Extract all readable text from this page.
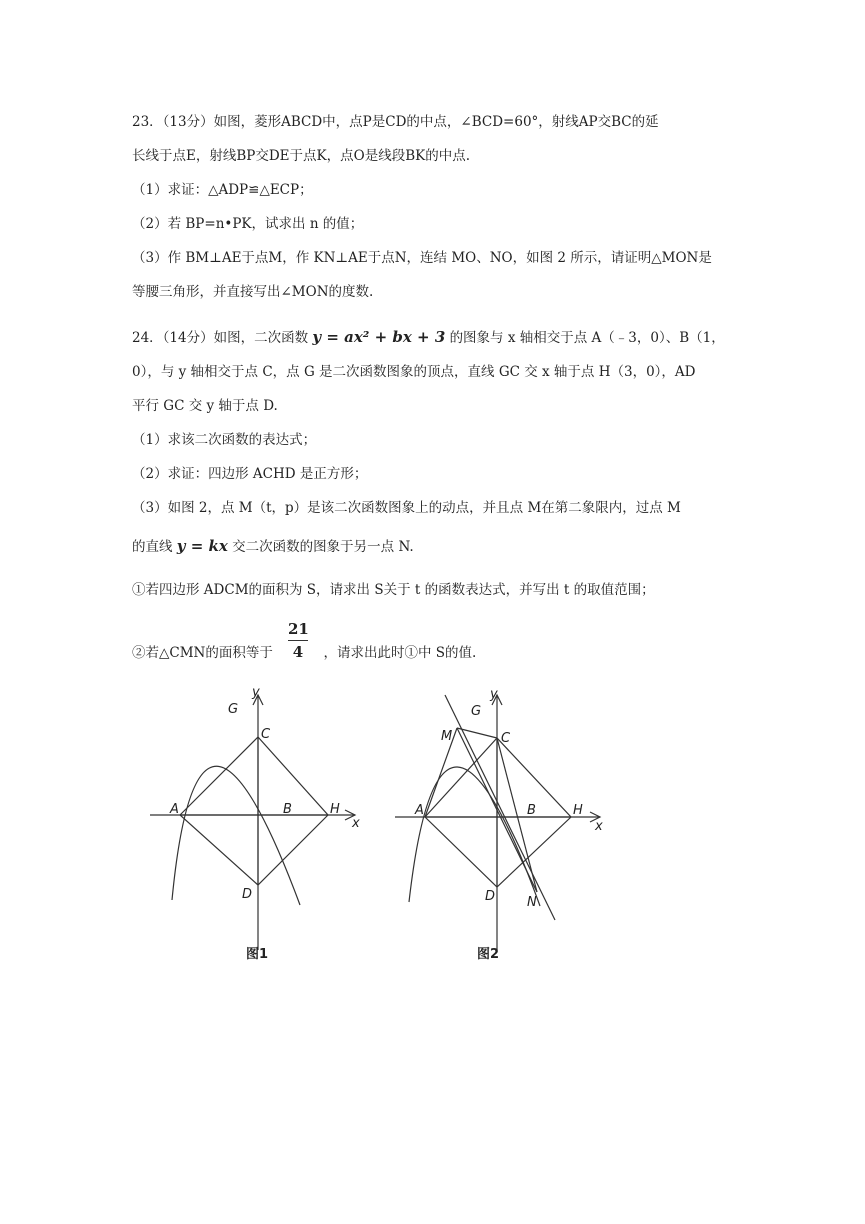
23．（13分）如图，菱形ABCD中，点P是CD的中点，∠BCD=60°，射线AP交BC的延
长线于点E，射线BP交DE于点K，点O是线段BK的中点.
（1）求证：△ADP≌△ECP；
（2）若 BP=n•PK，试求出 n 的值；
（3）作 BM⊥AE于点M，作 KN⊥AE于点N，连结 MO、NO，如图 2 所示，请证明△MON是
等腰三角形，并直接写出∠MON的度数.
24．（14分）如图，二次函数 y = ax² + bx + 3 的图象与 x 轴相交于点 A（﹣3，0）、B（1，
0），与 y 轴相交于点 C，点 G 是二次函数图象的顶点，直线 GC 交 x 轴于点 H（3，0），AD
平行 GC 交 y 轴于点 D.
（1）求该二次函数的表达式；
（2）求证：四边形 ACHD 是正方形；
（3）如图 2，点 M（t，p）是该二次函数图象上的动点，并且点 M在第二象限内，过点 M
的直线 y = kx 交二次函数的图象于另一点 N.
①若四边形 ADCM的面积为 S，请求出 S关于 t 的函数表达式，并写出 t 的取值范围；
②若△CMN的面积等于	，请求出此时①中 S的值.
21
4
G
y
C
A	B	H
x
D
图1
G
y
M	C
A	B	H
x
D N
图2
